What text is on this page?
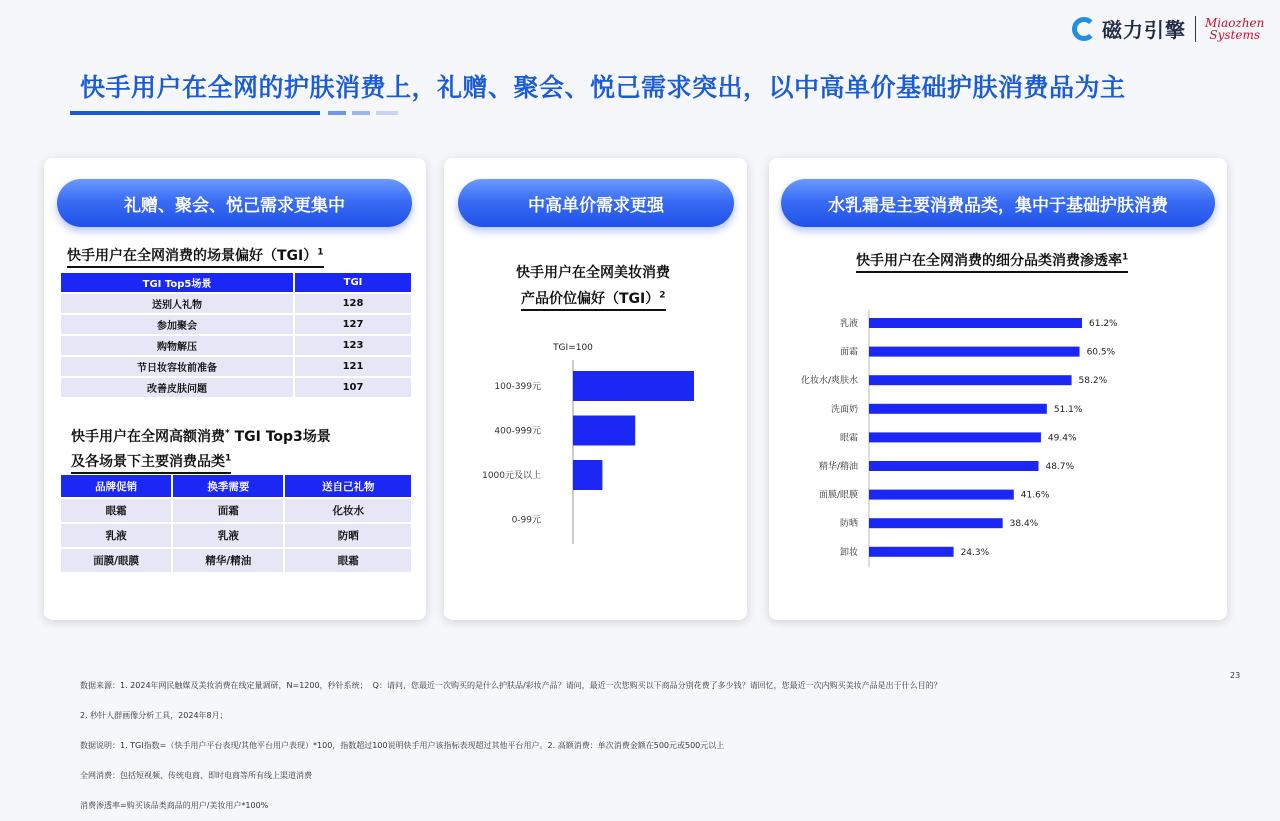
磁力引擎 Miaozhen
Systems
快手用户在全网的护肤消费上，礼赠、聚会、悦己需求突出，以中高单价基础护肤消费品为主
礼赠、聚会、悦己需求更集中
快手用户在全网消费的场景偏好（TGI）$^1$
TGI Top5场景	TGI
送别人礼物	128
参加聚会	127
购物解压	123
节日妆容妆前准备	121
改善皮肤问题	107
快手用户在全网高额消费* TGI Top3场景
及各场景下主要消费品类$^1$
品牌促销	换季需要	送自己礼物
眼霜	面霜	化妆水
乳液	乳液	防晒
面膜/眼膜	精华/精油	眼霜
中高单价需求更强
快手用户在全网美妆消费
产品价位偏好（TGI）$^2$
TGI=100
100-399元
400-999元
1000元及以上
0-99元
水乳霜是主要消费品类，集中于基础护肤消费
快手用户在全网消费的细分品类消费渗透率$^1$
乳液	61.2%
面霜	60.5%
化妆水/爽肤水	58.2%
洗面奶	51.1%
眼霜	49.4%
精华/精油	48.7%
面膜/眼膜	41.6%
防晒	38.4%
卸妆	24.3%

数据来源：1. 2024年网民触媒及美妆消费在线定量调研，N=1200，秒针系统；  Q：请问，您最近一次购买的是什么护肤品/彩妆产品？请问，最近一次您购买以下商品分别花费了多少钱？请回忆，您最近一次内购买美妆产品是出于什么目的？

2. 秒针人群画像分析工具，2024年8月；

数据说明：1. TGI指数=（快手用户平台表现/其他平台用户表现）*100，指数超过100说明快手用户该指标表现超过其他平台用户。2. 高额消费：单次消费金额在500元或500元以上

全网消费：包括短视频、传统电商、即时电商等所有线上渠道消费

消费渗透率=购买该品类商品的用户/美妆用户*100%

23
